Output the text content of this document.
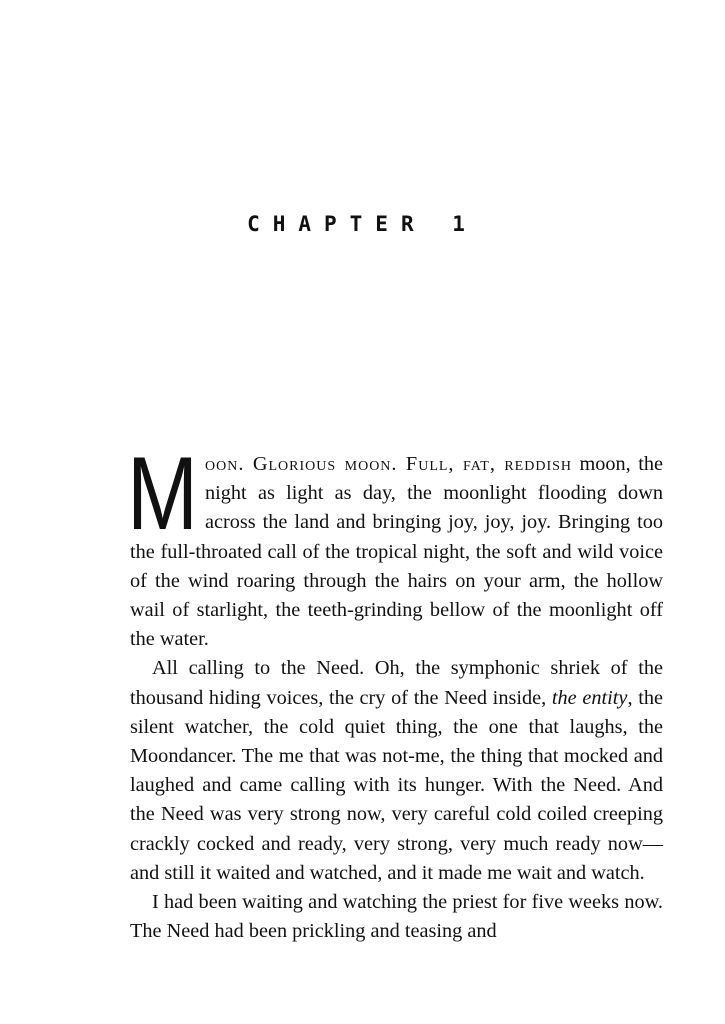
CHAPTER 1

Moon. Glorious moon. Full, fat, reddish moon, the night as light as day, the moonlight flooding down across the land and bringing joy, joy, joy. Bringing too the full-throated call of the tropical night, the soft and wild voice of the wind roaring through the hairs on your arm, the hollow wail of starlight, the teeth-grinding bellow of the moonlight off the water.

All calling to the Need. Oh, the symphonic shriek of the thousand hiding voices, the cry of the Need inside, the entity, the silent watcher, the cold quiet thing, the one that laughs, the Moondancer. The me that was not-me, the thing that mocked and laughed and came calling with its hunger. With the Need. And the Need was very strong now, very careful cold coiled creeping crackly cocked and ready, very strong, very much ready now—and still it waited and watched, and it made me wait and watch.

I had been waiting and watching the priest for five weeks now. The Need had been prickling and teasing and
